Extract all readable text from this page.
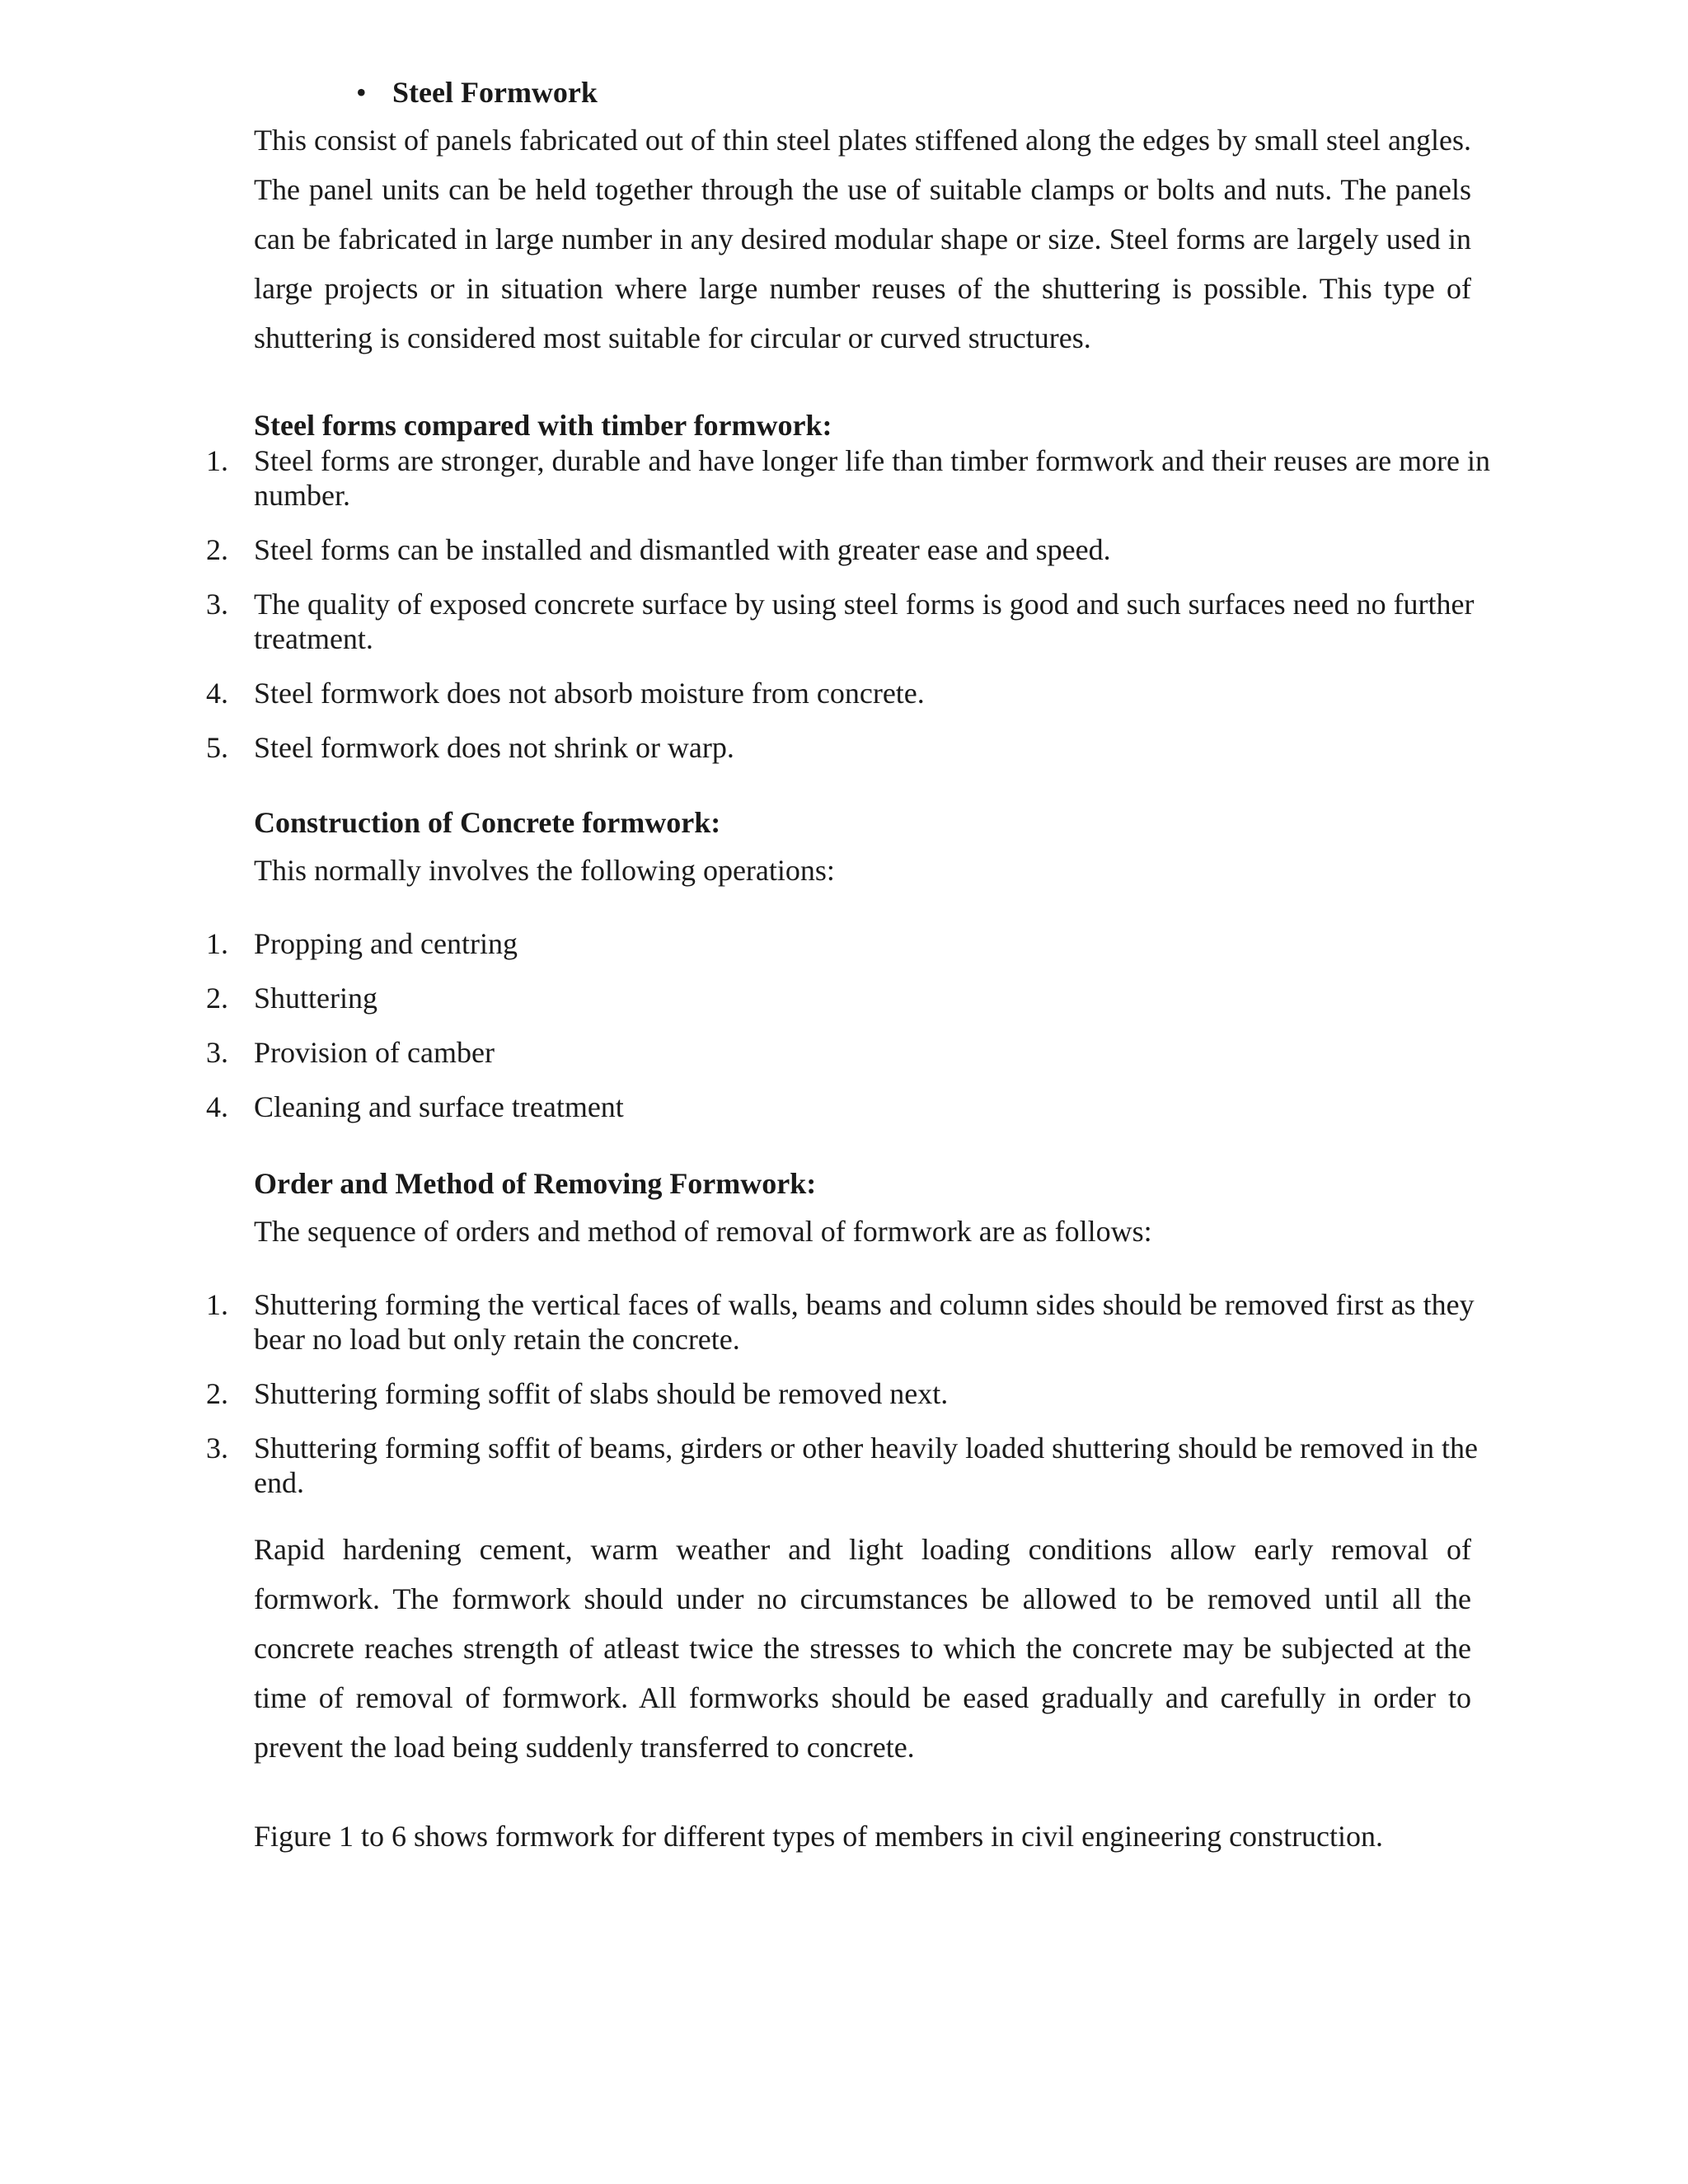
• Steel Formwork

This consist of panels fabricated out of thin steel plates stiffened along the edges by small steel angles. The panel units can be held together through the use of suitable clamps or bolts and nuts. The panels can be fabricated in large number in any desired modular shape or size. Steel forms are largely used in large projects or in situation where large number reuses of the shuttering is possible. This type of shuttering is considered most suitable for circular or curved structures.

Steel forms compared with timber formwork:

1. Steel forms are stronger, durable and have longer life than timber formwork and their reuses are more in number.
2. Steel forms can be installed and dismantled with greater ease and speed.
3. The quality of exposed concrete surface by using steel forms is good and such surfaces need no further treatment.
4. Steel formwork does not absorb moisture from concrete.
5. Steel formwork does not shrink or warp.

Construction of Concrete formwork:

This normally involves the following operations:

1. Propping and centring
2. Shuttering
3. Provision of camber
4. Cleaning and surface treatment

Order and Method of Removing Formwork:

The sequence of orders and method of removal of formwork are as follows:

1. Shuttering forming the vertical faces of walls, beams and column sides should be removed first as they bear no load but only retain the concrete.
2. Shuttering forming soffit of slabs should be removed next.
3. Shuttering forming soffit of beams, girders or other heavily loaded shuttering should be removed in the end.

Rapid hardening cement, warm weather and light loading conditions allow early removal of formwork. The formwork should under no circumstances be allowed to be removed until all the concrete reaches strength of atleast twice the stresses to which the concrete may be subjected at the time of removal of formwork. All formworks should be eased gradually and carefully in order to prevent the load being suddenly transferred to concrete.

Figure 1 to 6 shows formwork for different types of members in civil engineering construction.
